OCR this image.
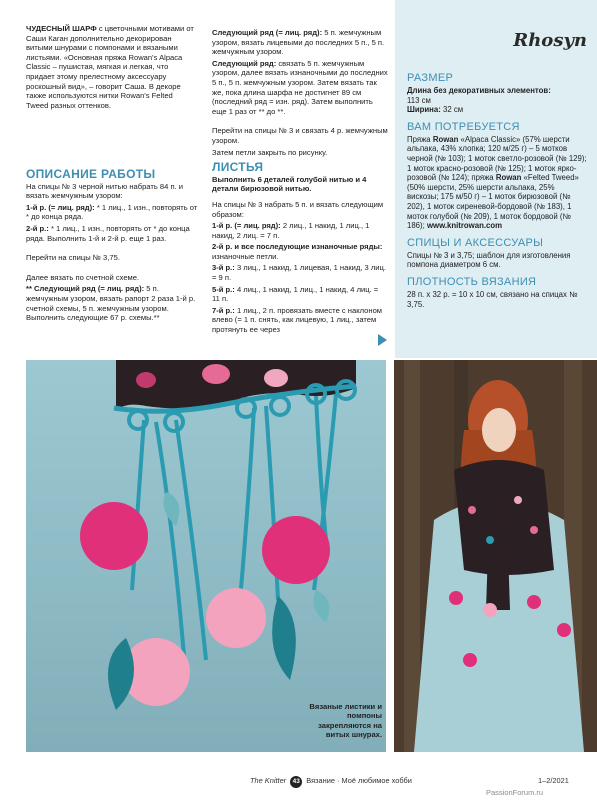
ЧУДЕСНЫЙ ШАРФ с цветочными мотивами от Саши Каган дополнительно декорирован витыми шнурами с помпонами и вязаными листьями. «Основная пряжа Rowan's Alpaca Classic – пушистая, мягкая и легкая, что придает этому прелестному аксессуару роскошный вид», – говорит Саша. В декоре также используются нитки Rowan's Felted Tweed разных оттенков.
ОПИСАНИЕ РАБОТЫ
На спицы № 3 черной нитью набрать 84 п. и вязать жемчужным узором:
1-й р. (= лиц. ряд): * 1 лиц., 1 изн., повторять от * до конца ряда.
2-й р.: * 1 лиц., 1 изн., повторять от * до конца ряда. Выполнить 1-й и 2-й р. еще 1 раз.
Перейти на спицы № 3,75.
Далее вязать по счетной схеме.
** Следующий ряд (= лиц. ряд): 5 п. жемчужным узором, вязать рапорт 2 раза 1-й р. счетной схемы, 5 п. жемчужным узором. Выполнить следующие 67 р. схемы.**
Следующий ряд (= лиц. ряд): 5 п. жемчужным узором, вязать лицевыми до последних 5 п., 5 п. жемчужным узором.
Следующий ряд: связать 5 п. жемчужным узором, далее вязать изнаночными до последних 5 п., 5 п. жемчужным узором. Затем вязать так же, пока длина шарфа не достигнет 89 см (последний ряд = изн. ряд). Затем выполнить еще 1 раз от ** до **.
Перейти на спицы № 3 и связать 4 р. жемчужным узором.
Затем петли закрыть по рисунку.
ЛИСТЬЯ
Выполнить 6 деталей голубой нитью и 4 детали бирюзовой нитью.
На спицы № 3 набрать 5 п. и вязать следующим образом:
1-й р. (= лиц. ряд): 2 лиц., 1 накид, 1 лиц., 1 накид, 2 лиц. = 7 п.
2-й р. и все последующие изнаночные ряды: изнаночные петли.
3-й р.: 3 лиц., 1 накид, 1 лицевая, 1 накид, 3 лиц. = 9 п.
5-й р.: 4 лиц., 1 накид, 1 лиц., 1 накид, 4 лиц. = 11 п.
7-й р.: 1 лиц., 2 п. провязать вместе с наклоном влево (= 1 п. снять, как лицевую, 1 лиц., затем протянуть ее через
Rhosyn
РАЗМЕР
Длина без декоративных элементов:
113 см
Ширина: 32 см
ВАМ ПОТРЕБУЕТСЯ
Пряжа Rowan «Alpaca Classic» (57% шерсти альпака, 43% хлопка; 120 м/25 г) – 5 мотков черной (№ 103); 1 моток светло-розовой (№ 129); 1 моток красно-розовой (№ 125); 1 моток ярко-розовой (№ 124); пряжа Rowan «Felted Tweed» (50% шерсти, 25% шерсти альпака, 25% вискозы; 175 м/50 г) – 1 моток бирюзовой (№ 202), 1 моток сиреневой-бордовой (№ 183), 1 моток голубой (№ 209), 1 моток бордовой (№ 186); www.knitrowan.com
СПИЦЫ И АКСЕССУАРЫ
Спицы № 3 и 3,75; шаблон для изготовления помпона диаметром 6 см.
ПЛОТНОСТЬ ВЯЗАНИЯ
28 п. х 32 р. = 10 х 10 см, связано на спицах № 3,75.
Вязаные листики и помпоны закрепляются на витых шнурах.
The Knitter 43 Вязание · Моё любимое хобби	1–2/2021
PassionForum.ru
